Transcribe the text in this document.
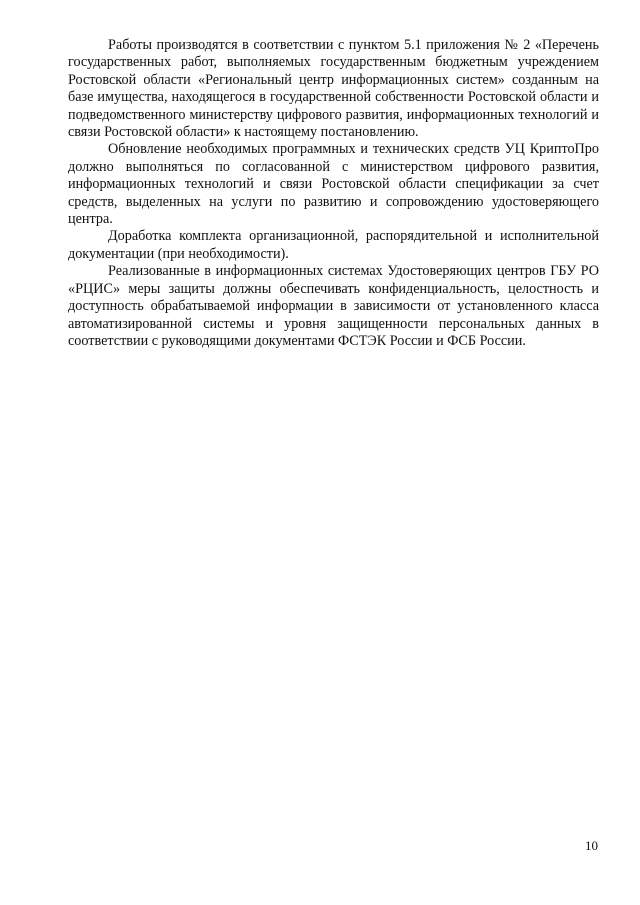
Работы производятся в соответствии с пунктом 5.1 приложения № 2 «Перечень государственных работ, выполняемых государственным бюджетным учреждением Ростовской области «Региональный центр информационных систем» созданным на базе имущества, находящегося в государственной собственности Ростовской области и подведомственного министерству цифрового развития, информационных технологий и связи Ростовской области» к настоящему постановлению.

Обновление необходимых программных и технических средств УЦ КриптоПро должно выполняться по согласованной с министерством цифрового развития, информационных технологий и связи Ростовской области спецификации за счет средств, выделенных на услуги по развитию и сопровождению удостоверяющего центра.

Доработка комплекта организационной, распорядительной и исполнительной документации (при необходимости).

Реализованные в информационных системах Удостоверяющих центров ГБУ РО «РЦИС» меры защиты должны обеспечивать конфиденциальность, целостность и доступность обрабатываемой информации в зависимости от установленного класса автоматизированной системы и уровня защищенности персональных данных в соответствии с руководящими документами ФСТЭК России и ФСБ России.

10
